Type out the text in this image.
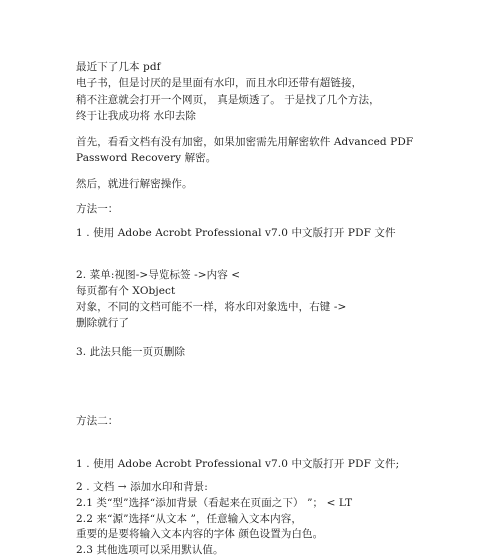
最近下了几本 pdf
电子书，但是讨厌的是里面有水印，而且水印还带有超链接，
稍不注意就会打开一个网页， 真是烦透了。 于是找了几个方法，
终于让我成功将 水印去除
首先，看看文档有没有加密，如果加密需先用解密软件 Advanced PDF
Password Recovery 解密。
然后，就进行解密操作。
方法一：
1 . 使用 Adobe Acrobt Professional v7.0 中文版打开 PDF 文件
2. 菜单:视图->导览标签 ->内容 <
每页都有个 XObject
对象，不同的文档可能不一样，将水印对象选中，右键 ->
删除就行了
3. 此法只能一页页删除
方法二：
1 . 使用 Adobe Acrobt Professional v7.0 中文版打开 PDF 文件;
2 . 文档 → 添加水印和背景:
2.1 类“型”选择“添加背景（看起来在页面之下） ”； < LT
2.2 来“源”选择“从文本 ”，任意输入文本内容，
重要的是要将输入文本内容的字体 颜色设置为白色。
2.3 其他选项可以采用默认值。
